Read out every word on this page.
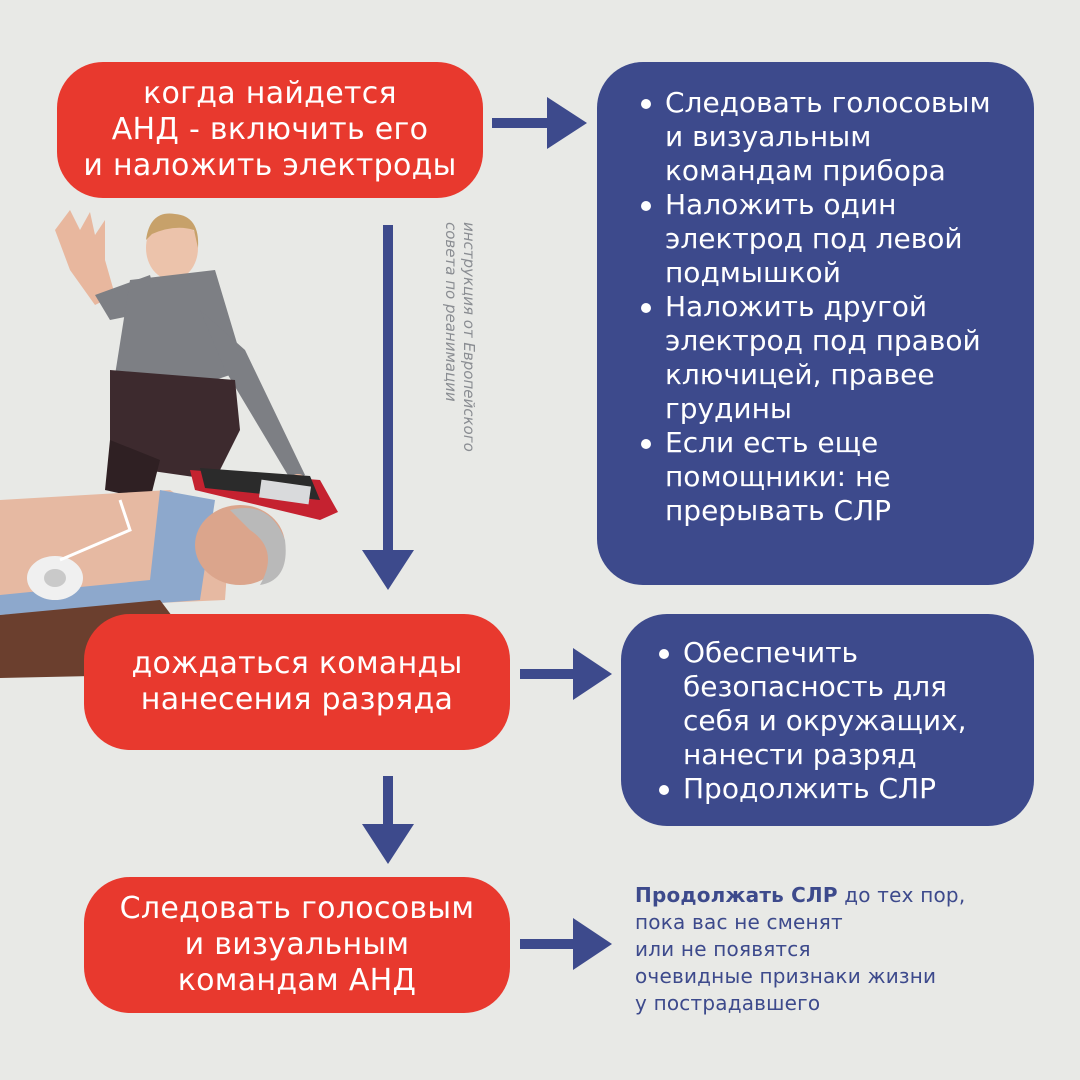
когда найдется
АНД - включить его
и наложить электроды
Следовать голосовым и визуальным командам прибора
Наложить один электрод под левой подмышкой
Наложить другой электрод под правой ключицей, правее грудины
Если есть еще помощники: не прерывать СЛР
инструкция от Европейского
совета по реанимации
дождаться команды
нанесения разряда
Обеспечить безопасность для себя и окружащих, нанести разряд
Продолжить СЛР
Следовать голосовым
и визуальным
командам АНД
Продолжать СЛР до тех пор,
пока вас не сменят
или не появятся
очевидные признаки жизни
у пострадавшего
